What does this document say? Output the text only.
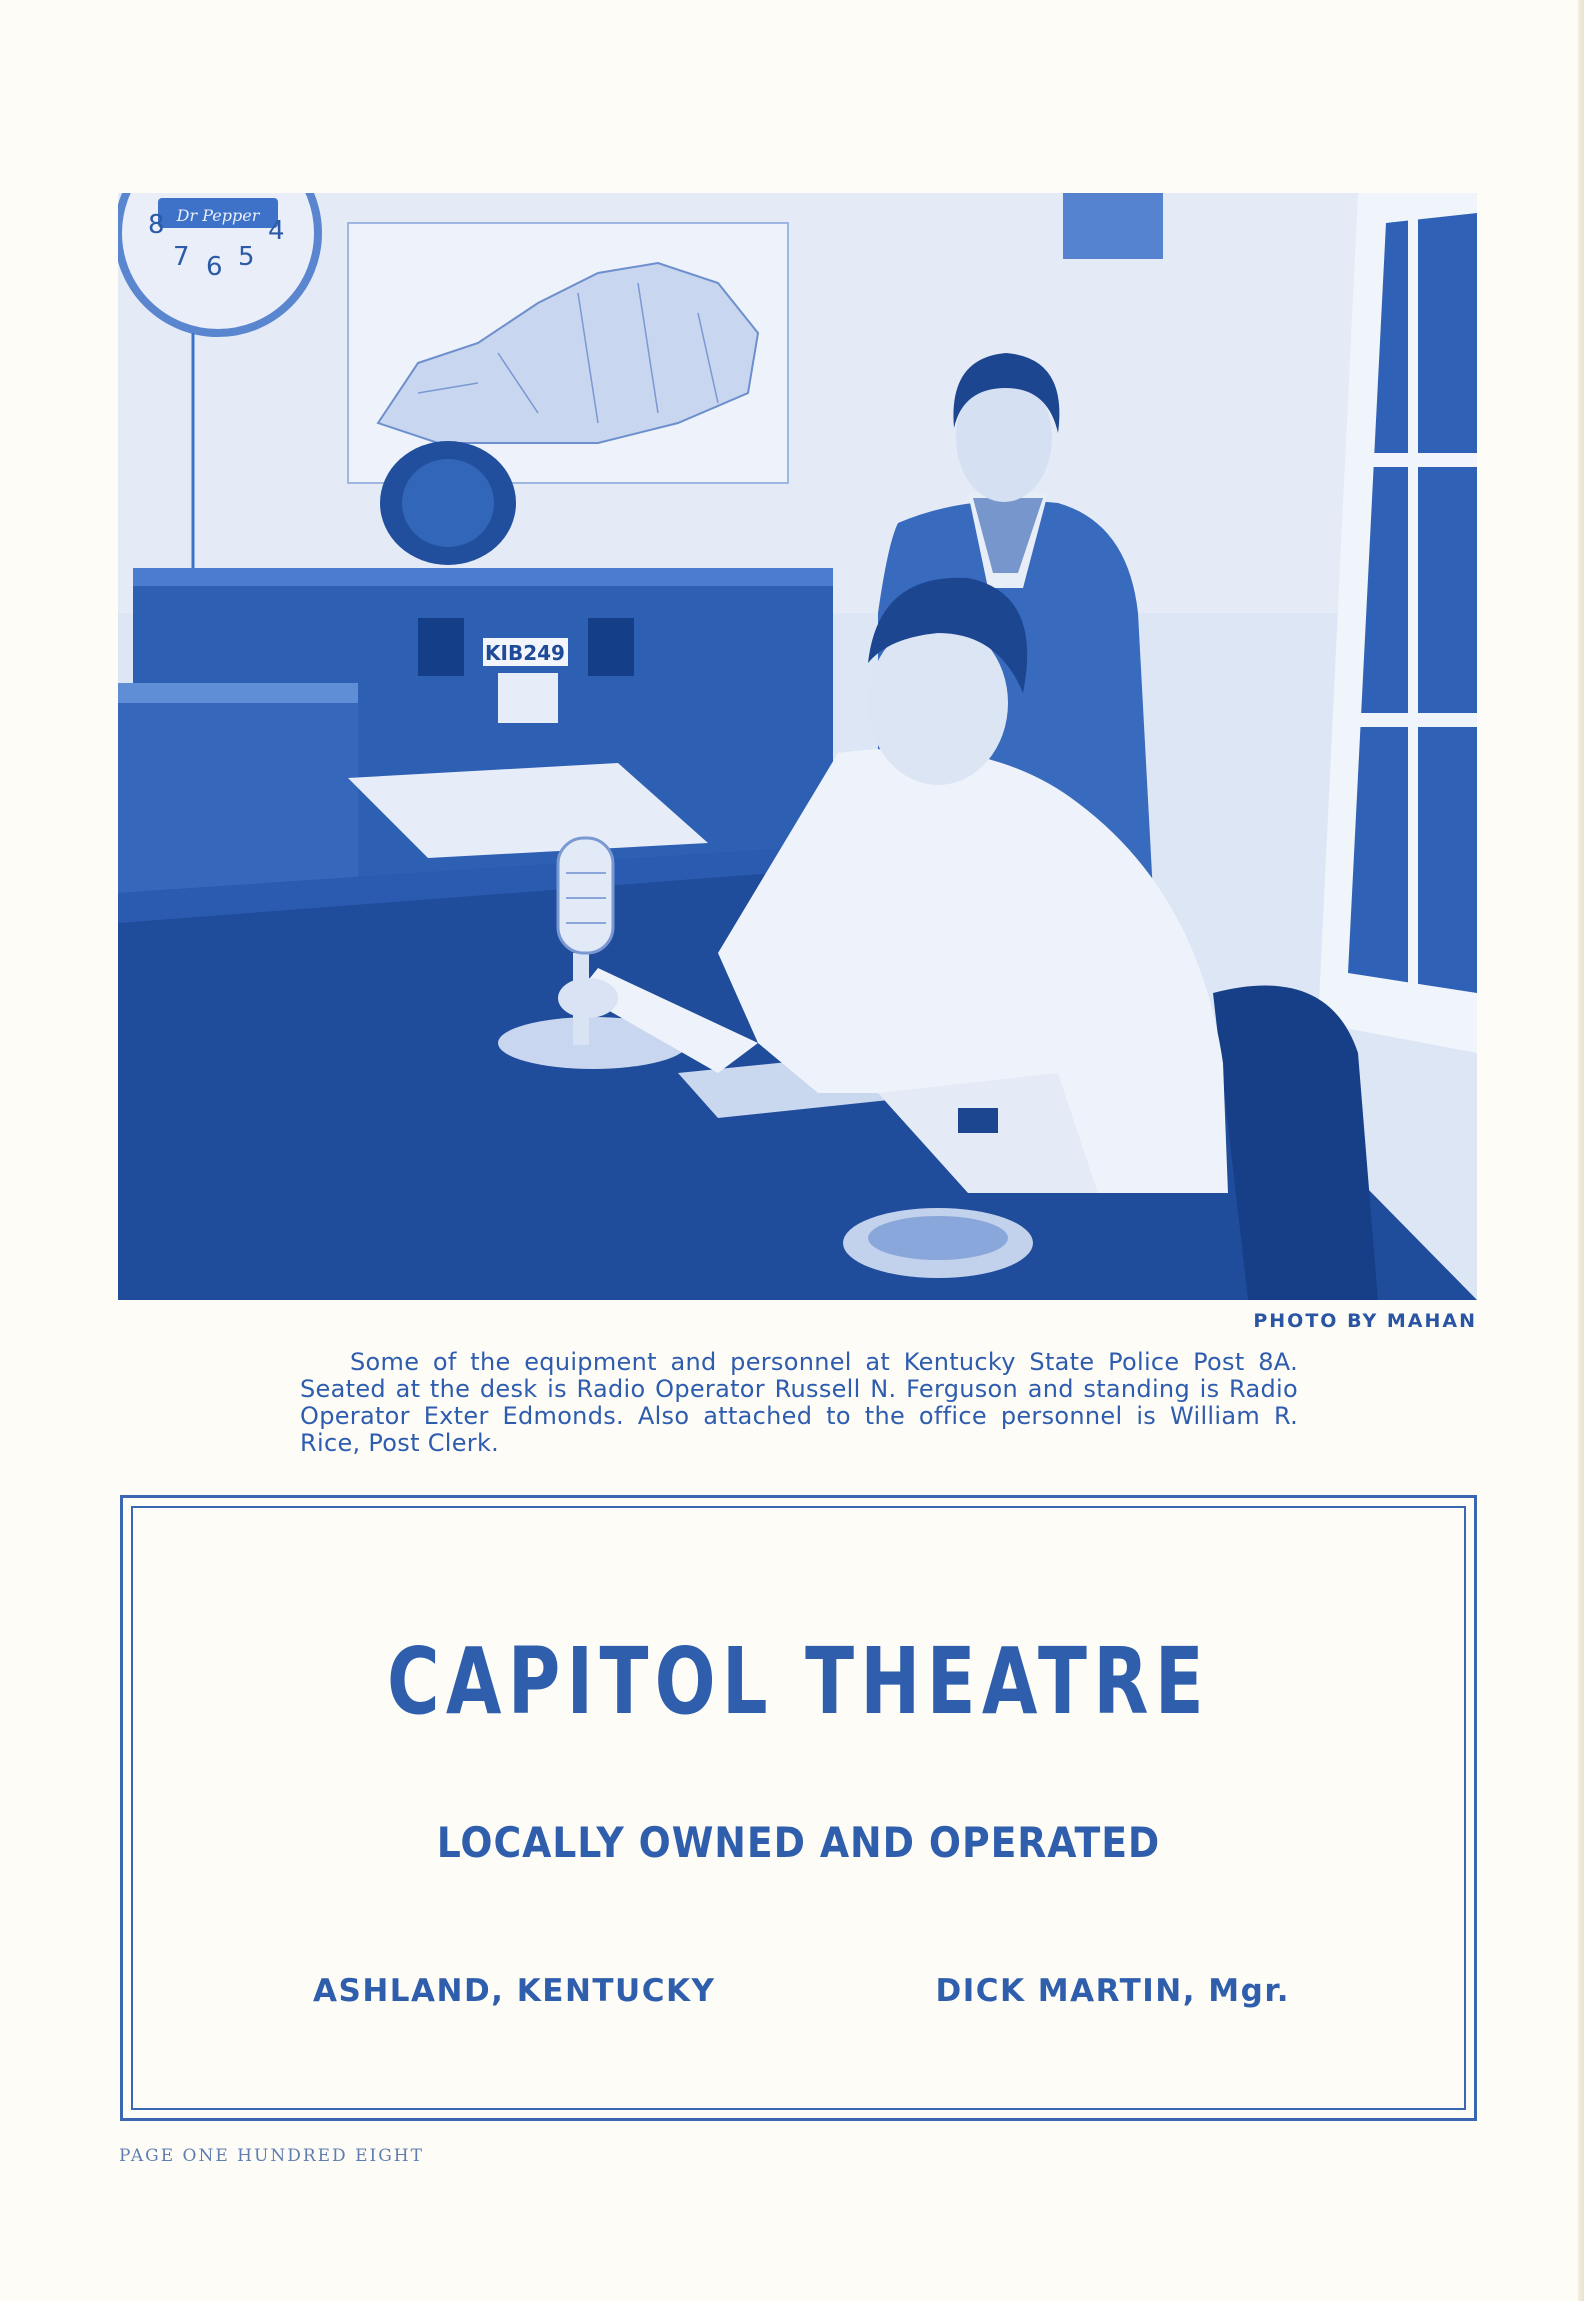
Dr Pepper
8
7 6 5
4
KIB249
PHOTO BY MAHAN
Some of the equipment and personnel at Kentucky State Police Post 8A. Seated at the desk is Radio Operator Russell N. Ferguson and standing is Radio Operator Exter Edmonds. Also attached to the office personnel is William R. Rice, Post Clerk.
CAPITOL THEATRE
LOCALLY OWNED AND OPERATED
ASHLAND, KENTUCKY	DICK MARTIN, Mgr.
PAGE ONE HUNDRED EIGHT
